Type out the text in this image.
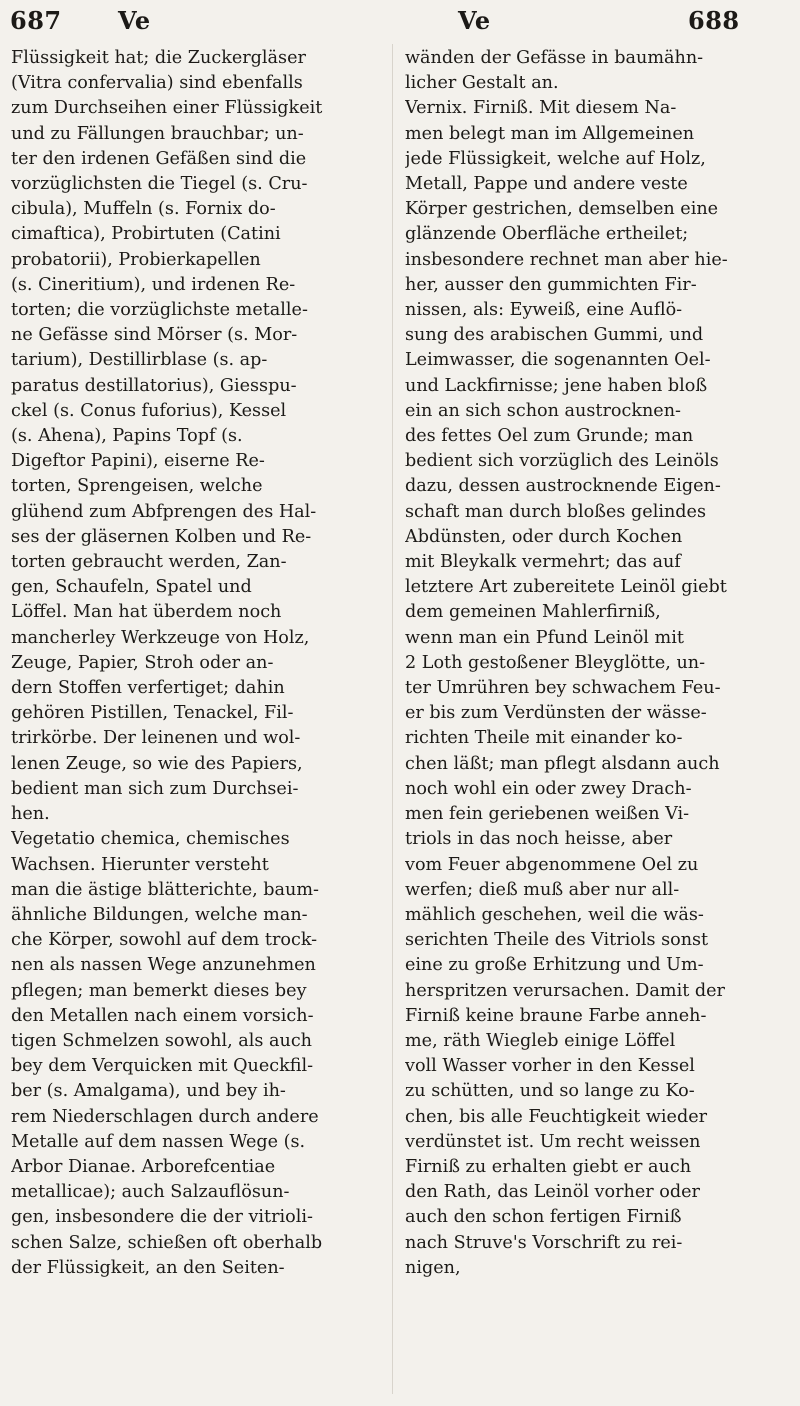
687 Ve	Ve	688
Flüssigkeit hat; die Zuckergläser
(Vitra confervalia) sind ebenfalls
zum Durchseihen einer Flüssigkeit
und zu Fällungen brauchbar; un-
ter den irdenen Gefäßen sind die
vorzüglichsten die Tiegel (s. Cru-
cibula), Muffeln (s. Fornix do-
cimaftica), Probirtuten (Catini
probatorii), Probierkapellen
(s. Cineritium), und irdenen Re-
torten; die vorzüglichste metalle-
ne Gefässe sind Mörser (s. Mor-
tarium), Destillirblase (s. ap-
paratus destillatorius), Giesspu-
ckel (s. Conus fuforius), Kessel
(s. Ahena), Papins Topf (s.
Digeftor Papini), eiserne Re-
torten, Sprengeisen, welche
glühend zum Abfprengen des Hal-
ses der gläsernen Kolben und Re-
torten gebraucht werden, Zan-
gen, Schaufeln, Spatel und
Löffel. Man hat überdem noch
mancherley Werkzeuge von Holz,
Zeuge, Papier, Stroh oder an-
dern Stoffen verfertiget; dahin
gehören Pistillen, Tenackel, Fil-
trirkörbe. Der leinenen und wol-
lenen Zeuge, so wie des Papiers,
bedient man sich zum Durchsei-
hen.
Vegetatio chemica, chemisches
Wachsen. Hierunter versteht
man die ästige blätterichte, baum-
ähnliche Bildungen, welche man-
che Körper, sowohl auf dem trock-
nen als nassen Wege anzunehmen
pflegen; man bemerkt dieses bey
den Metallen nach einem vorsich-
tigen Schmelzen sowohl, als auch
bey dem Verquicken mit Queckfil-
ber (s. Amalgama), und bey ih-
rem Niederschlagen durch andere
Metalle auf dem nassen Wege (s.
Arbor Dianae. Arborefcentiae
metallicae); auch Salzauflösun-
gen, insbesondere die der vitrioli-
schen Salze, schießen oft oberhalb
der Flüssigkeit, an den Seiten-
wänden der Gefässe in baumähn-
licher Gestalt an.
Vernix. Firniß. Mit diesem Na-
men belegt man im Allgemeinen
jede Flüssigkeit, welche auf Holz,
Metall, Pappe und andere veste
Körper gestrichen, demselben eine
glänzende Oberfläche ertheilet;
insbesondere rechnet man aber hie-
her, ausser den gummichten Fir-
nissen, als: Eyweiß, eine Auflö-
sung des arabischen Gummi, und
Leimwasser, die sogenannten Oel-
und Lackfirnisse; jene haben bloß
ein an sich schon austrocknen-
des fettes Oel zum Grunde; man
bedient sich vorzüglich des Leinöls
dazu, dessen austrocknende Eigen-
schaft man durch bloßes gelindes
Abdünsten, oder durch Kochen
mit Bleykalk vermehrt; das auf
letztere Art zubereitete Leinöl giebt
dem gemeinen Mahlerfirniß,
wenn man ein Pfund Leinöl mit
2 Loth gestoßener Bleyglötte, un-
ter Umrühren bey schwachem Feu-
er bis zum Verdünsten der wässe-
richten Theile mit einander ko-
chen läßt; man pflegt alsdann auch
noch wohl ein oder zwey Drach-
men fein geriebenen weißen Vi-
triols in das noch heisse, aber
vom Feuer abgenommene Oel zu
werfen; dieß muß aber nur all-
mählich geschehen, weil die wäs-
serichten Theile des Vitriols sonst
eine zu große Erhitzung und Um-
herspritzen verursachen. Damit der
Firniß keine braune Farbe anneh-
me, räth Wiegleb einige Löffel
voll Wasser vorher in den Kessel
zu schütten, und so lange zu Ko-
chen, bis alle Feuchtigkeit wieder
verdünstet ist. Um recht weissen
Firniß zu erhalten giebt er auch
den Rath, das Leinöl vorher oder
auch den schon fertigen Firniß
nach Struve's Vorschrift zu rei-
nigen,
